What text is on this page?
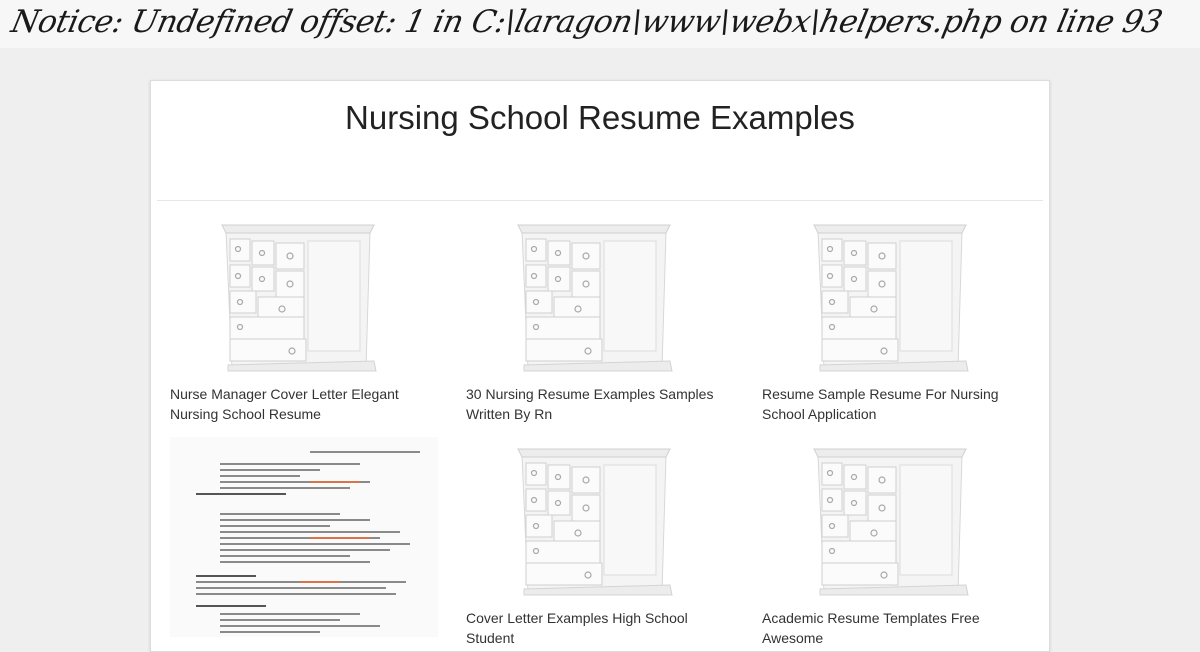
Notice: Undefined offset: 1 in C:\laragon\www\webx\helpers.php on line 93
Nursing School Resume Examples
Nurse Manager Cover Letter Elegant Nursing School Resume
30 Nursing Resume Examples Samples Written By Rn
Resume Sample Resume For Nursing School Application
Cover Letter Examples High School Student
Academic Resume Templates Free Awesome
